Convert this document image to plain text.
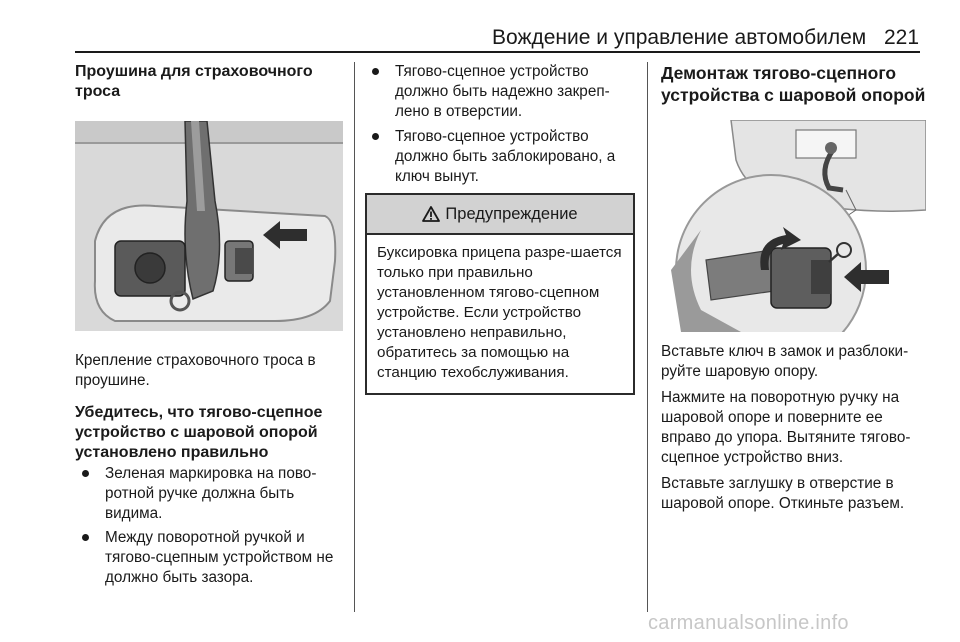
Вождение и управление автомобилем 221
Проушина для страховочного троса

Крепление страховочного троса в проушине.

Убедитесь, что тягово-сцепное устройство с шаровой опорой установлено правильно
Зеленая маркировка на пово-ротной ручке должна быть видима.
Между поворотной ручкой и тягово-сцепным устройством не должно быть зазора.
Тягово-сцепное устройство должно быть надежно закреп-лено в отверстии.
Тягово-сцепное устройство должно быть заблокировано, а ключ вынут.
Предупреждение
Буксировка прицепа разре-шается только при правильно установленном тягово-сцепном устройстве. Если устройство установлено неправильно, обратитесь за помощью на станцию техобслуживания.
Демонтаж тягово-сцепного устройства с шаровой опорой

Вставьте ключ в замок и разблоки-руйте шаровую опору.

Нажмите на поворотную ручку на шаровой опоре и поверните ее вправо до упора. Вытяните тягово-сцепное устройство вниз.

Вставьте заглушку в отверстие в шаровой опоре. Откиньте разъем.

carmanualsonline.info
